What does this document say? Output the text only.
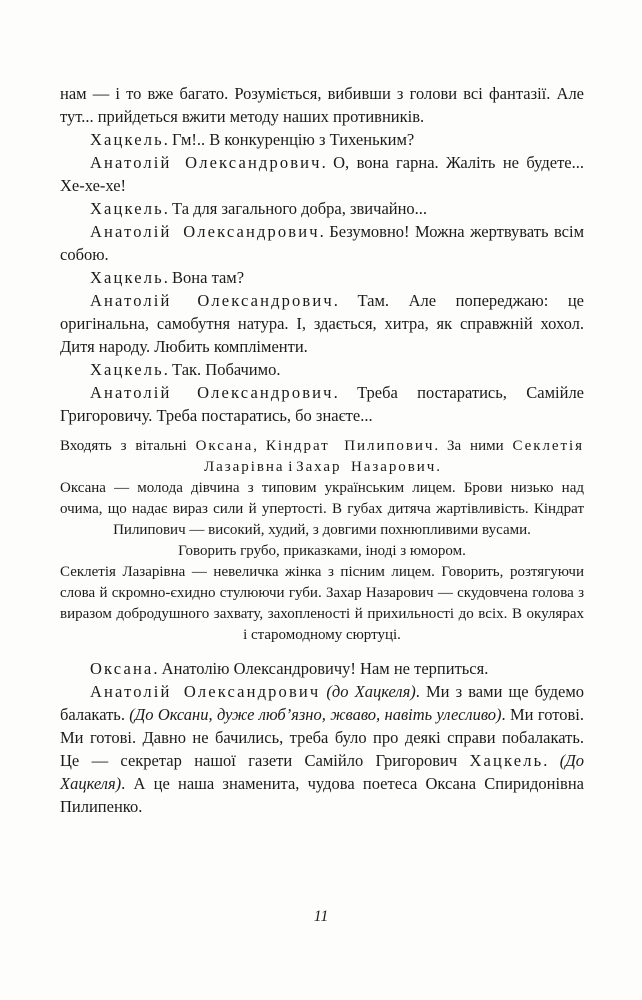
нам — і то вже багато. Розуміється, вибивши з голови всі фантазії. Але тут... прийдеться вжити методу наших противників.

Хацкель. Гм!.. В конкуренцію з Тихеньким?

Анатолій Олександрович. О, вона гарна. Жаліть не будете... Хе-хе-хе!

Хацкель. Та для загального добра, звичайно...

Анатолій Олександрович. Безумовно! Можна жертвувать всім собою.

Хацкель. Вона там?

Анатолій Олександрович. Там. Але попереджаю: це оригінальна, самобутня натура. І, здається, хитра, як справжній хохол. Дитя народу. Любить компліменти.

Хацкель. Так. Побачимо.

Анатолій Олександрович. Треба постаратись, Самійле Григоровичу. Треба постаратись, бо знаєте...

Входять з вітальні Оксана, Кіндрат Пилипович. За ними Секлетія Лазарівна і Захар Назарович.

Оксана — молода дівчина з типовим українським лицем. Брови низько над очима, що надає вираз сили й упертості. В губах дитяча жартівливість. Кіндрат Пилипович — високий, худий, з довгими похнюпливими вусами.

Говорить грубо, приказками, іноді з юмором.

Секлетія Лазарівна — невеличка жінка з пісним лицем. Говорить, розтягуючи слова й скромно-єхидно стулюючи губи. Захар Назарович — скудовчена голова з виразом добродушного захвату, захопленості й прихильності до всіх. В окулярах і старомодному сюртуці.

Оксана. Анатолію Олександровичу! Нам не терпиться.

Анатолій Олександрович (до Хацкеля). Ми з вами ще будемо балакать. (До Оксани, дуже люб’язно, жваво, навіть улесливо). Ми готові. Ми готові. Давно не бачились, треба було про деякі справи побалакать. Це — секретар нашої газети Самійло Григорович Хацкель. (До Хацкеля). А це наша знаменита, чудова поетеса Оксана Спиридонівна Пилипенко.

11
